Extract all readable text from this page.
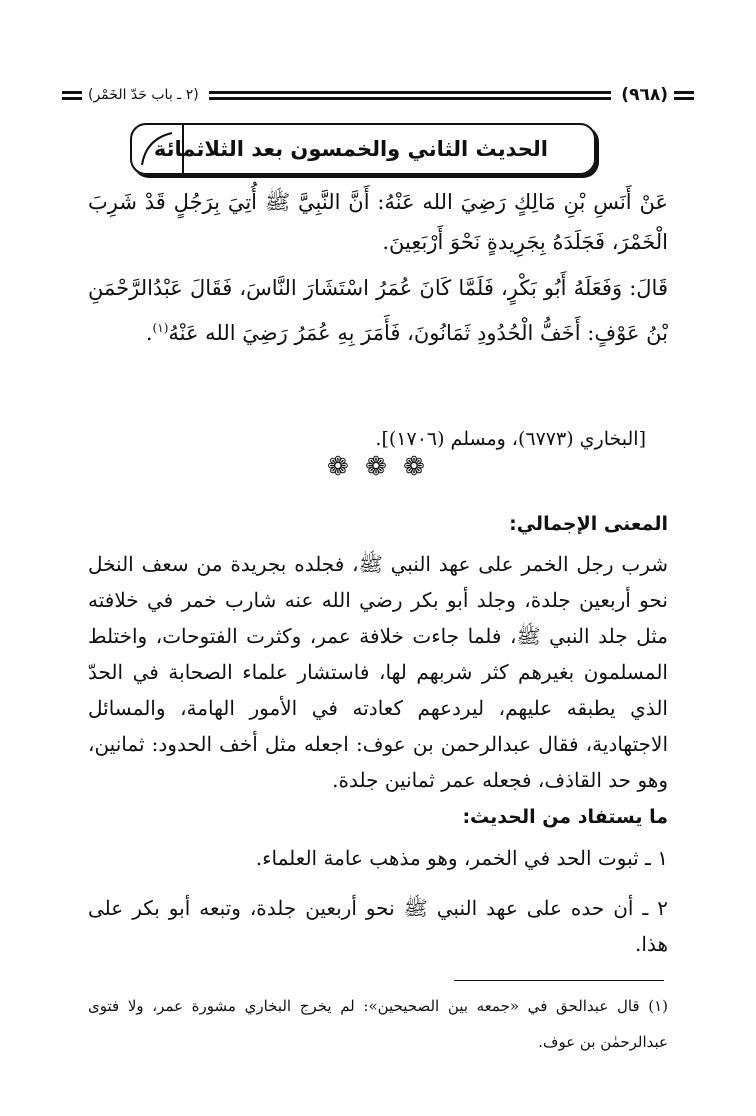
(٩٦٨)
(٢ ـ باب حَدّ الخَمْر)
الحديث الثاني والخمسون بعد الثلاثمائة
عَنْ أَنَسِ بْنِ مَالِكٍ رَضِيَ الله عَنْهُ: أَنَّ النَّبِيَّ ﷺ أُتِيَ بِرَجُلٍ قَدْ شَرِبَ الْخَمْرَ، فَجَلَدَهُ بِجَرِيدةٍ نَحْوَ أَرْبَعِينَ.
قَالَ: وَفَعَلَهُ أَبُو بَكْرٍ، فَلَمَّا كَانَ عُمَرُ اسْتَشَارَ النَّاسَ، فَقَالَ عَبْدُالرَّحْمَنِ بْنُ عَوْفٍ: أَخَفُّ الْحُدُودِ ثَمَانُونَ، فَأَمَرَ بِهِ عُمَرُ رَضِيَ الله عَنْهُ$^{(١)}$.
[البخاري (٦٧٧٣)، ومسلم (١٧٠٦)].
❁ ❁ ❁
المعنى الإجمالي:
شرب رجل الخمر على عهد النبي ﷺ، فجلده بجريدة من سعف النخل نحو أربعين جلدة، وجلد أبو بكر رضي الله عنه شارب خمر في خلافته مثل جلد النبي ﷺ، فلما جاءت خلافة عمر، وكثرت الفتوحات، واختلط المسلمون بغيرهم كثر شربهم لها، فاستشار علماء الصحابة في الحدّ الذي يطبقه عليهم، ليردعهم كعادته في الأمور الهامة، والمسائل الاجتهادية، فقال عبدالرحمن بن عوف: اجعله مثل أخف الحدود: ثمانين، وهو حد القاذف، فجعله عمر ثمانين جلدة.
ما يستفاد من الحديث:
١ ـ ثبوت الحد في الخمر، وهو مذهب عامة العلماء.
٢ ـ أن حده على عهد النبي ﷺ نحو أربعين جلدة، وتبعه أبو بكر على هذا.
(١) قال عبدالحق في «جمعه بين الصحيحين»: لم يخرج البخاري مشورة عمر، ولا فتوى عبدالرحمٰن بن عوف.
